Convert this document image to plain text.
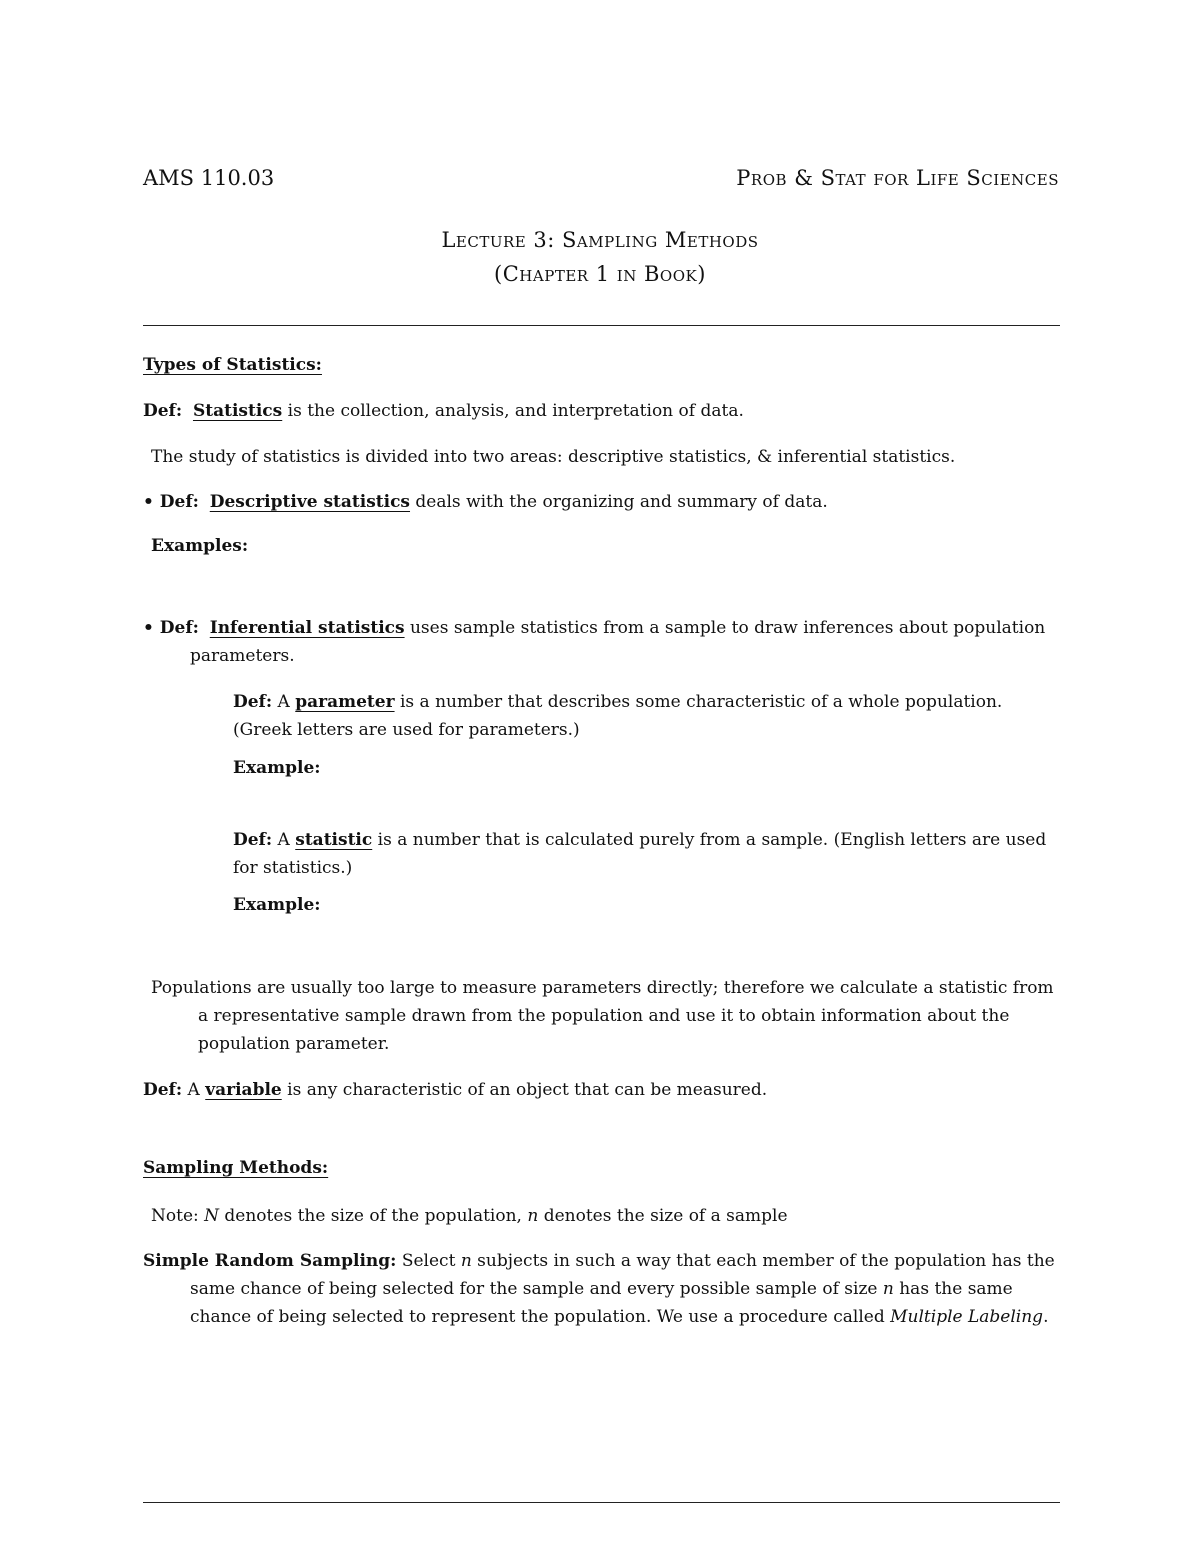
AMS 110.03	Prob & Stat for Life Sciences
Lecture 3: Sampling Methods
(Chapter 1 in Book)
Types of Statistics:
Def: Statistics is the collection, analysis, and interpretation of data.
The study of statistics is divided into two areas: descriptive statistics, & inferential statistics.
• Def: Descriptive statistics deals with the organizing and summary of data.
Examples:
• Def: Inferential statistics uses sample statistics from a sample to draw inferences about population parameters.
Def: A parameter is a number that describes some characteristic of a whole population. (Greek letters are used for parameters.)
Example:
Def: A statistic is a number that is calculated purely from a sample. (English letters are used for statistics.)
Example:
Populations are usually too large to measure parameters directly; therefore we calculate a statistic from a representative sample drawn from the population and use it to obtain information about the population parameter.
Def: A variable is any characteristic of an object that can be measured.
Sampling Methods:
Note: N denotes the size of the population, n denotes the size of a sample
Simple Random Sampling: Select n subjects in such a way that each member of the population has the same chance of being selected for the sample and every possible sample of size n has the same chance of being selected to represent the population. We use a procedure called Multiple Labeling.
